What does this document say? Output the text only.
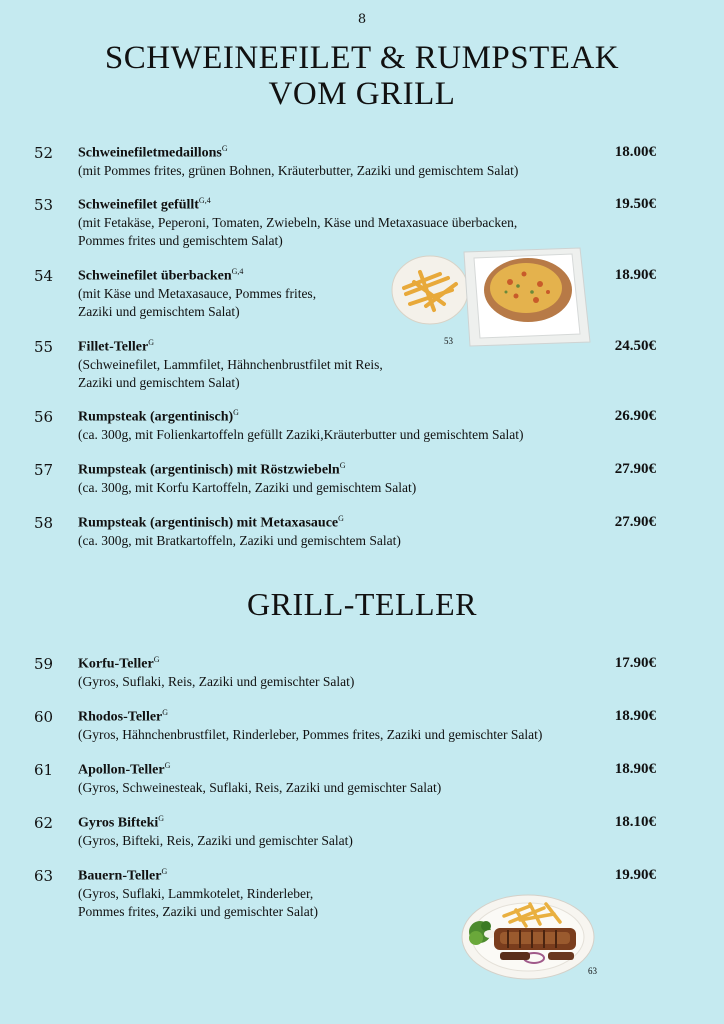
8
SCHWEINEFILET & RUMPSTEAK
VOM GRILL
52 Schweinefiletmedaillons$^G$
(mit Pommes frites, grünen Bohnen, Kräuterbutter, Zaziki und gemischtem Salat)

18.00€
53 Schweinefilet gefüllt$^{G,4}$
(mit Fetakäse, Peperoni, Tomaten, Zwiebeln, Käse und Metaxasuace überbacken,
Pommes frites und gemischtem Salat)
19.50€
54 Schweinefilet überbacken$^{G,4}$
(mit Käse und Metaxasauce, Pommes frites,
Zaziki und gemischtem Salat)
18.90€
55 Fillet-Teller$^G$
(Schweinefilet, Lammfilet, Hähnchenbrustfilet mit Reis,
Zaziki und gemischtem Salat)
24.50€
56 Rumpsteak (argentinisch)$^G$
(ca. 300g, mit Folienkartoffeln gefüllt Zaziki,Kräuterbutter und gemischtem Salat)
26.90€
57 Rumpsteak (argentinisch) mit Röstzwiebeln$^G$
(ca. 300g, mit Korfu Kartoffeln, Zaziki und gemischtem Salat)
27.90€
58 Rumpsteak (argentinisch) mit Metaxasauce$^G$
(ca. 300g, mit Bratkartoffeln, Zaziki und gemischtem Salat)
27.90€
53
GRILL-TELLER
59 Korfu-Teller$^G$
(Gyros, Suflaki, Reis, Zaziki und gemischter Salat)
17.90€
60 Rhodos-Teller$^G$
(Gyros, Hähnchenbrustfilet, Rinderleber, Pommes frites, Zaziki und gemischter Salat)
18.90€
61 Apollon-Teller$^G$
(Gyros, Schweinesteak, Suflaki, Reis, Zaziki und gemischter Salat)
18.90€
62 Gyros Bifteki$^G$
(Gyros, Bifteki, Reis, Zaziki und gemischter Salat)
18.10€
63 Bauern-Teller$^G$
(Gyros, Suflaki, Lammkotelet, Rinderleber,
Pommes frites, Zaziki und gemischter Salat)
19.90€
63
